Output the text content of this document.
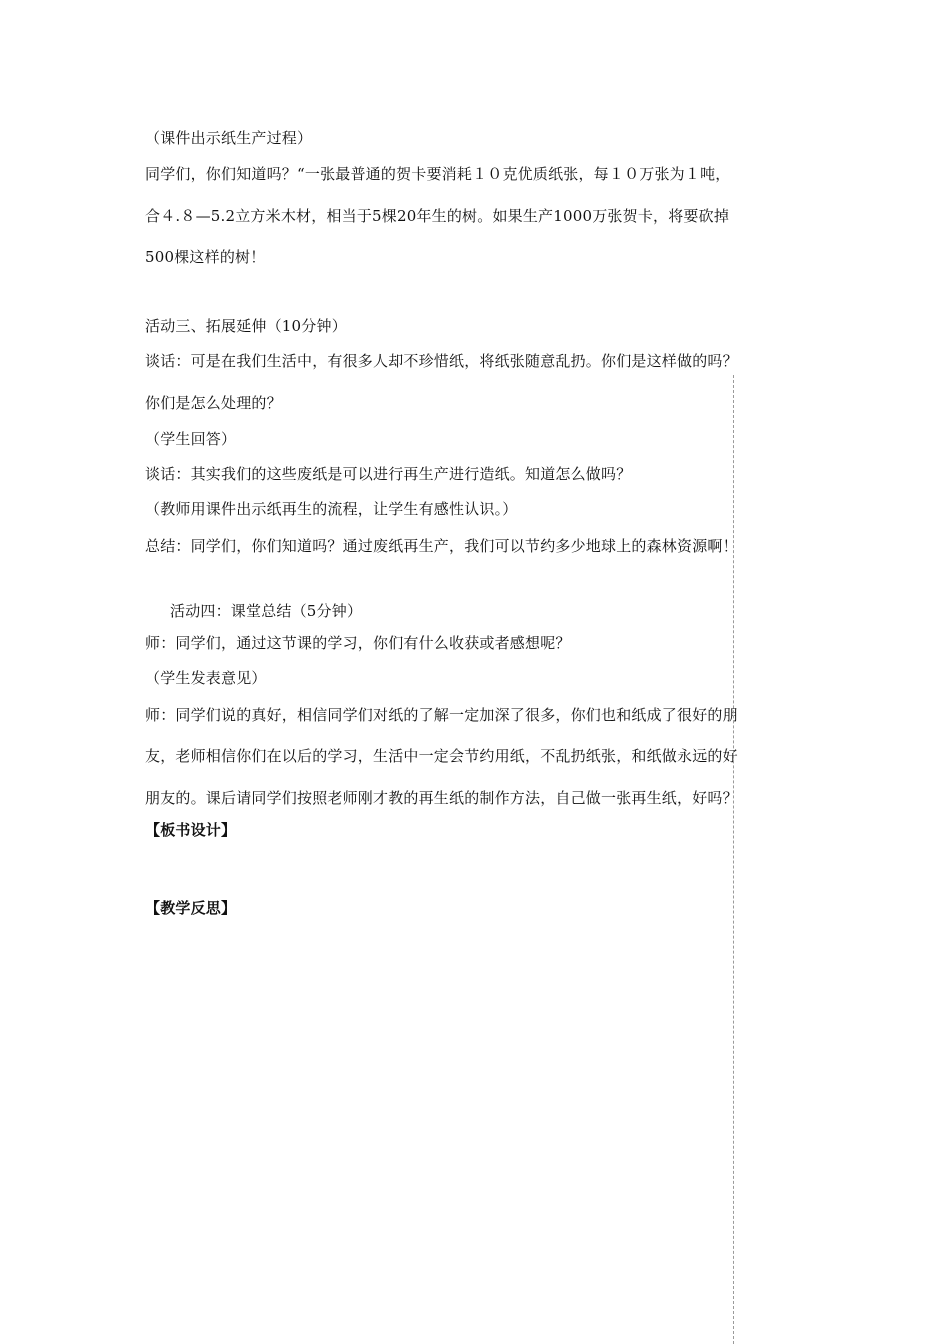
（课件出示纸生产过程）
同学们，你们知道吗？“一张最普通的贺卡要消耗１０克优质纸张，每１０万张为１吨，
合４.８—5.2立方米木材，相当于5棵20年生的树。如果生产1000万张贺卡，将要砍掉
500棵这样的树！
活动三、拓展延伸（10分钟）
谈话：可是在我们生活中，有很多人却不珍惜纸，将纸张随意乱扔。你们是这样做的吗？
你们是怎么处理的？
（学生回答）
谈话：其实我们的这些废纸是可以进行再生产进行造纸。知道怎么做吗？
（教师用课件出示纸再生的流程，让学生有感性认识。）
总结：同学们，你们知道吗？通过废纸再生产，我们可以节约多少地球上的森林资源啊！
活动四：课堂总结（5分钟）
师：同学们，通过这节课的学习，你们有什么收获或者感想呢？
（学生发表意见）
师：同学们说的真好，相信同学们对纸的了解一定加深了很多，你们也和纸成了很好的朋
友，老师相信你们在以后的学习，生活中一定会节约用纸，不乱扔纸张，和纸做永远的好
朋友的。课后请同学们按照老师刚才教的再生纸的制作方法，自己做一张再生纸，好吗？
【板书设计】
【教学反思】
